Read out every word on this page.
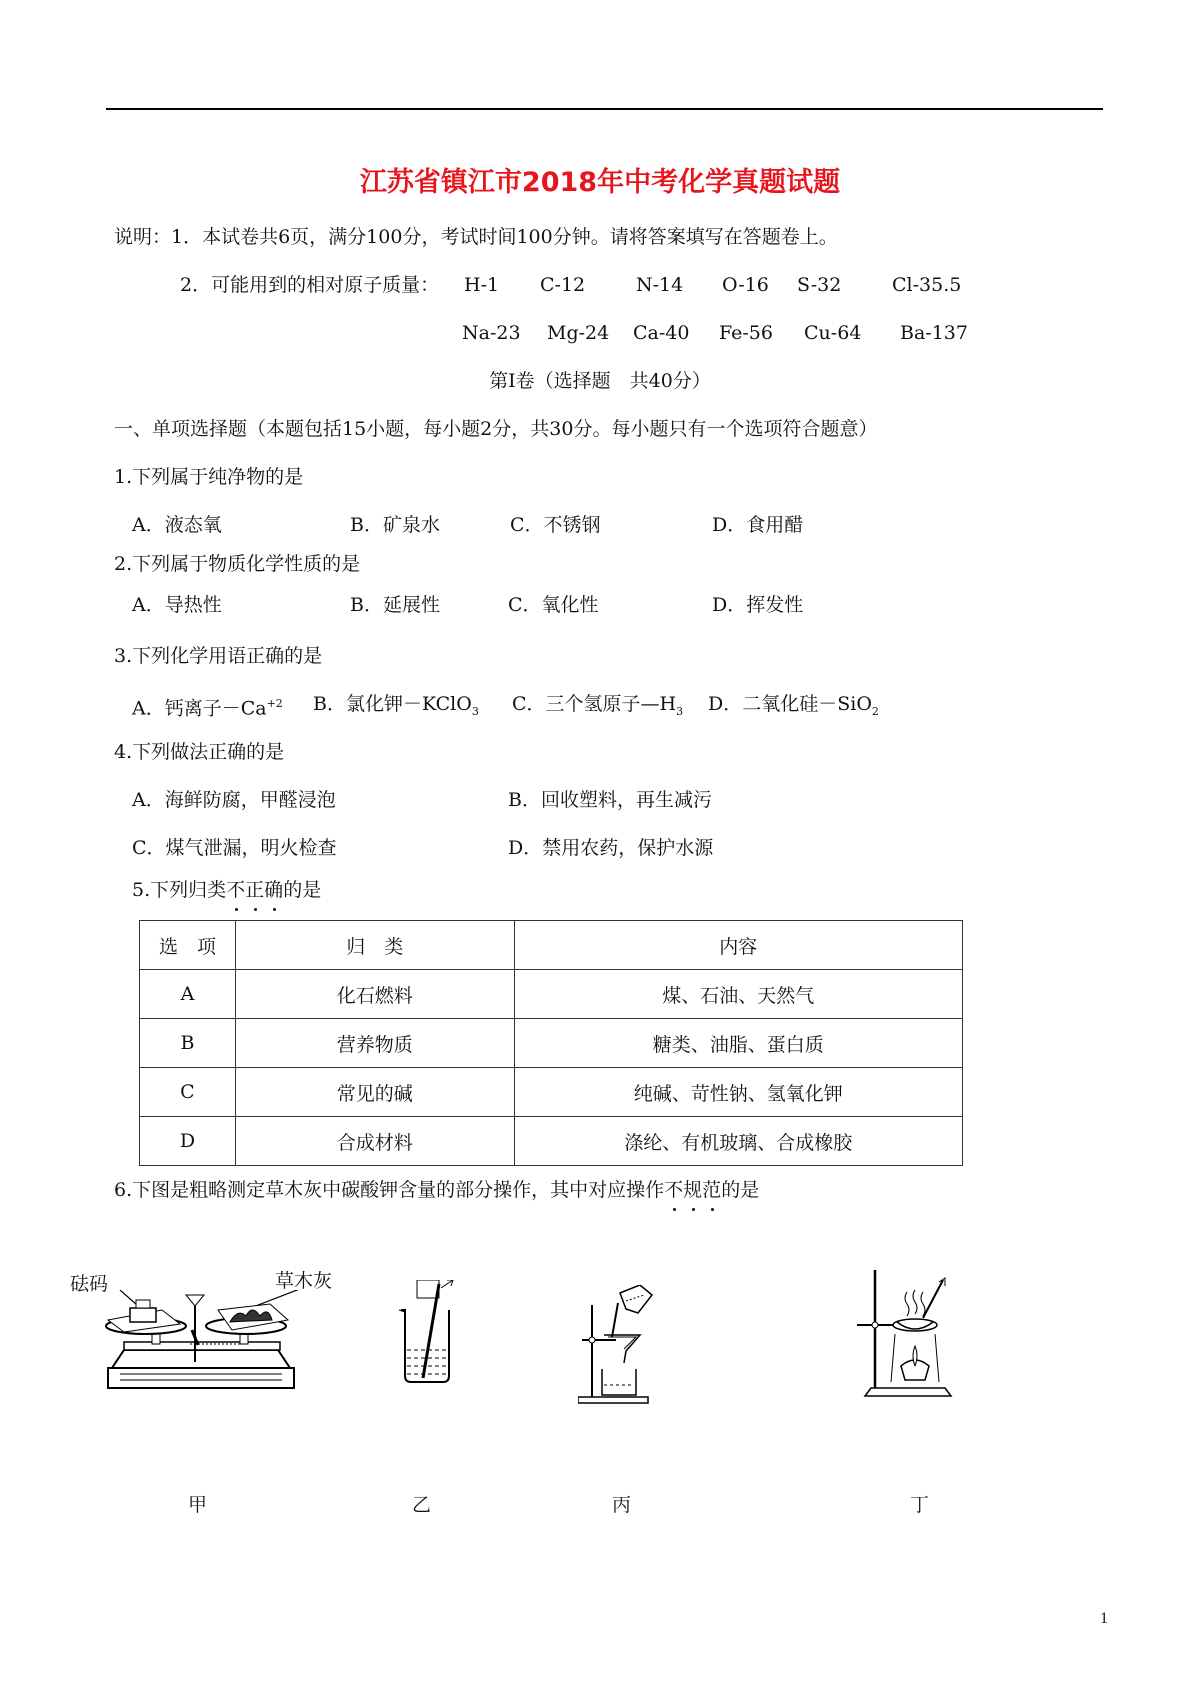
江苏省镇江市2018年中考化学真题试题
说明：1．本试卷共6页，满分100分，考试时间100分钟。请将答案填写在答题卷上。
2．可能用到的相对原子质量： H-1 C-12	N-14 O-16 S-32	Cl-35.5
Na-23 Mg-24 Ca-40 Fe-56 Cu-64 Ba-137
第Ⅰ卷（选择题　共40分）
一、单项选择题（本题包括15小题，每小题2分，共30分。每小题只有一个选项符合题意）
1.下列属于纯净物的是
A．液态氧	B．矿泉水	C．不锈钢	D．食用醋
2.下列属于物质化学性质的是
A．导热性	B．延展性	C．氧化性	D．挥发性
3.下列化学用语正确的是
A．钙离子$-Ca^{+2}$ B．氯化钾－KClO$_3$ C．三个氢原子$—H_3$ D．二氧化硅－SiO$_2$
4.下列做法正确的是
A．海鲜防腐，甲醛浸泡	B．回收塑料，再生减污
C．煤气泄漏，明火检查	D．禁用农药，保护水源
5.下列归类不正确的是
选　项	归　类	内容
A	化石燃料	煤、石油、天然气
B	营养物质	糖类、油脂、蛋白质
C	常见的碱	纯碱、苛性钠、氢氧化钾
D	合成材料	涤纶、有机玻璃、合成橡胶
6.下图是粗略测定草木灰中碳酸钾含量的部分操作，其中对应操作不规范的是
砝码	草木灰
甲	乙	丙	丁
1
